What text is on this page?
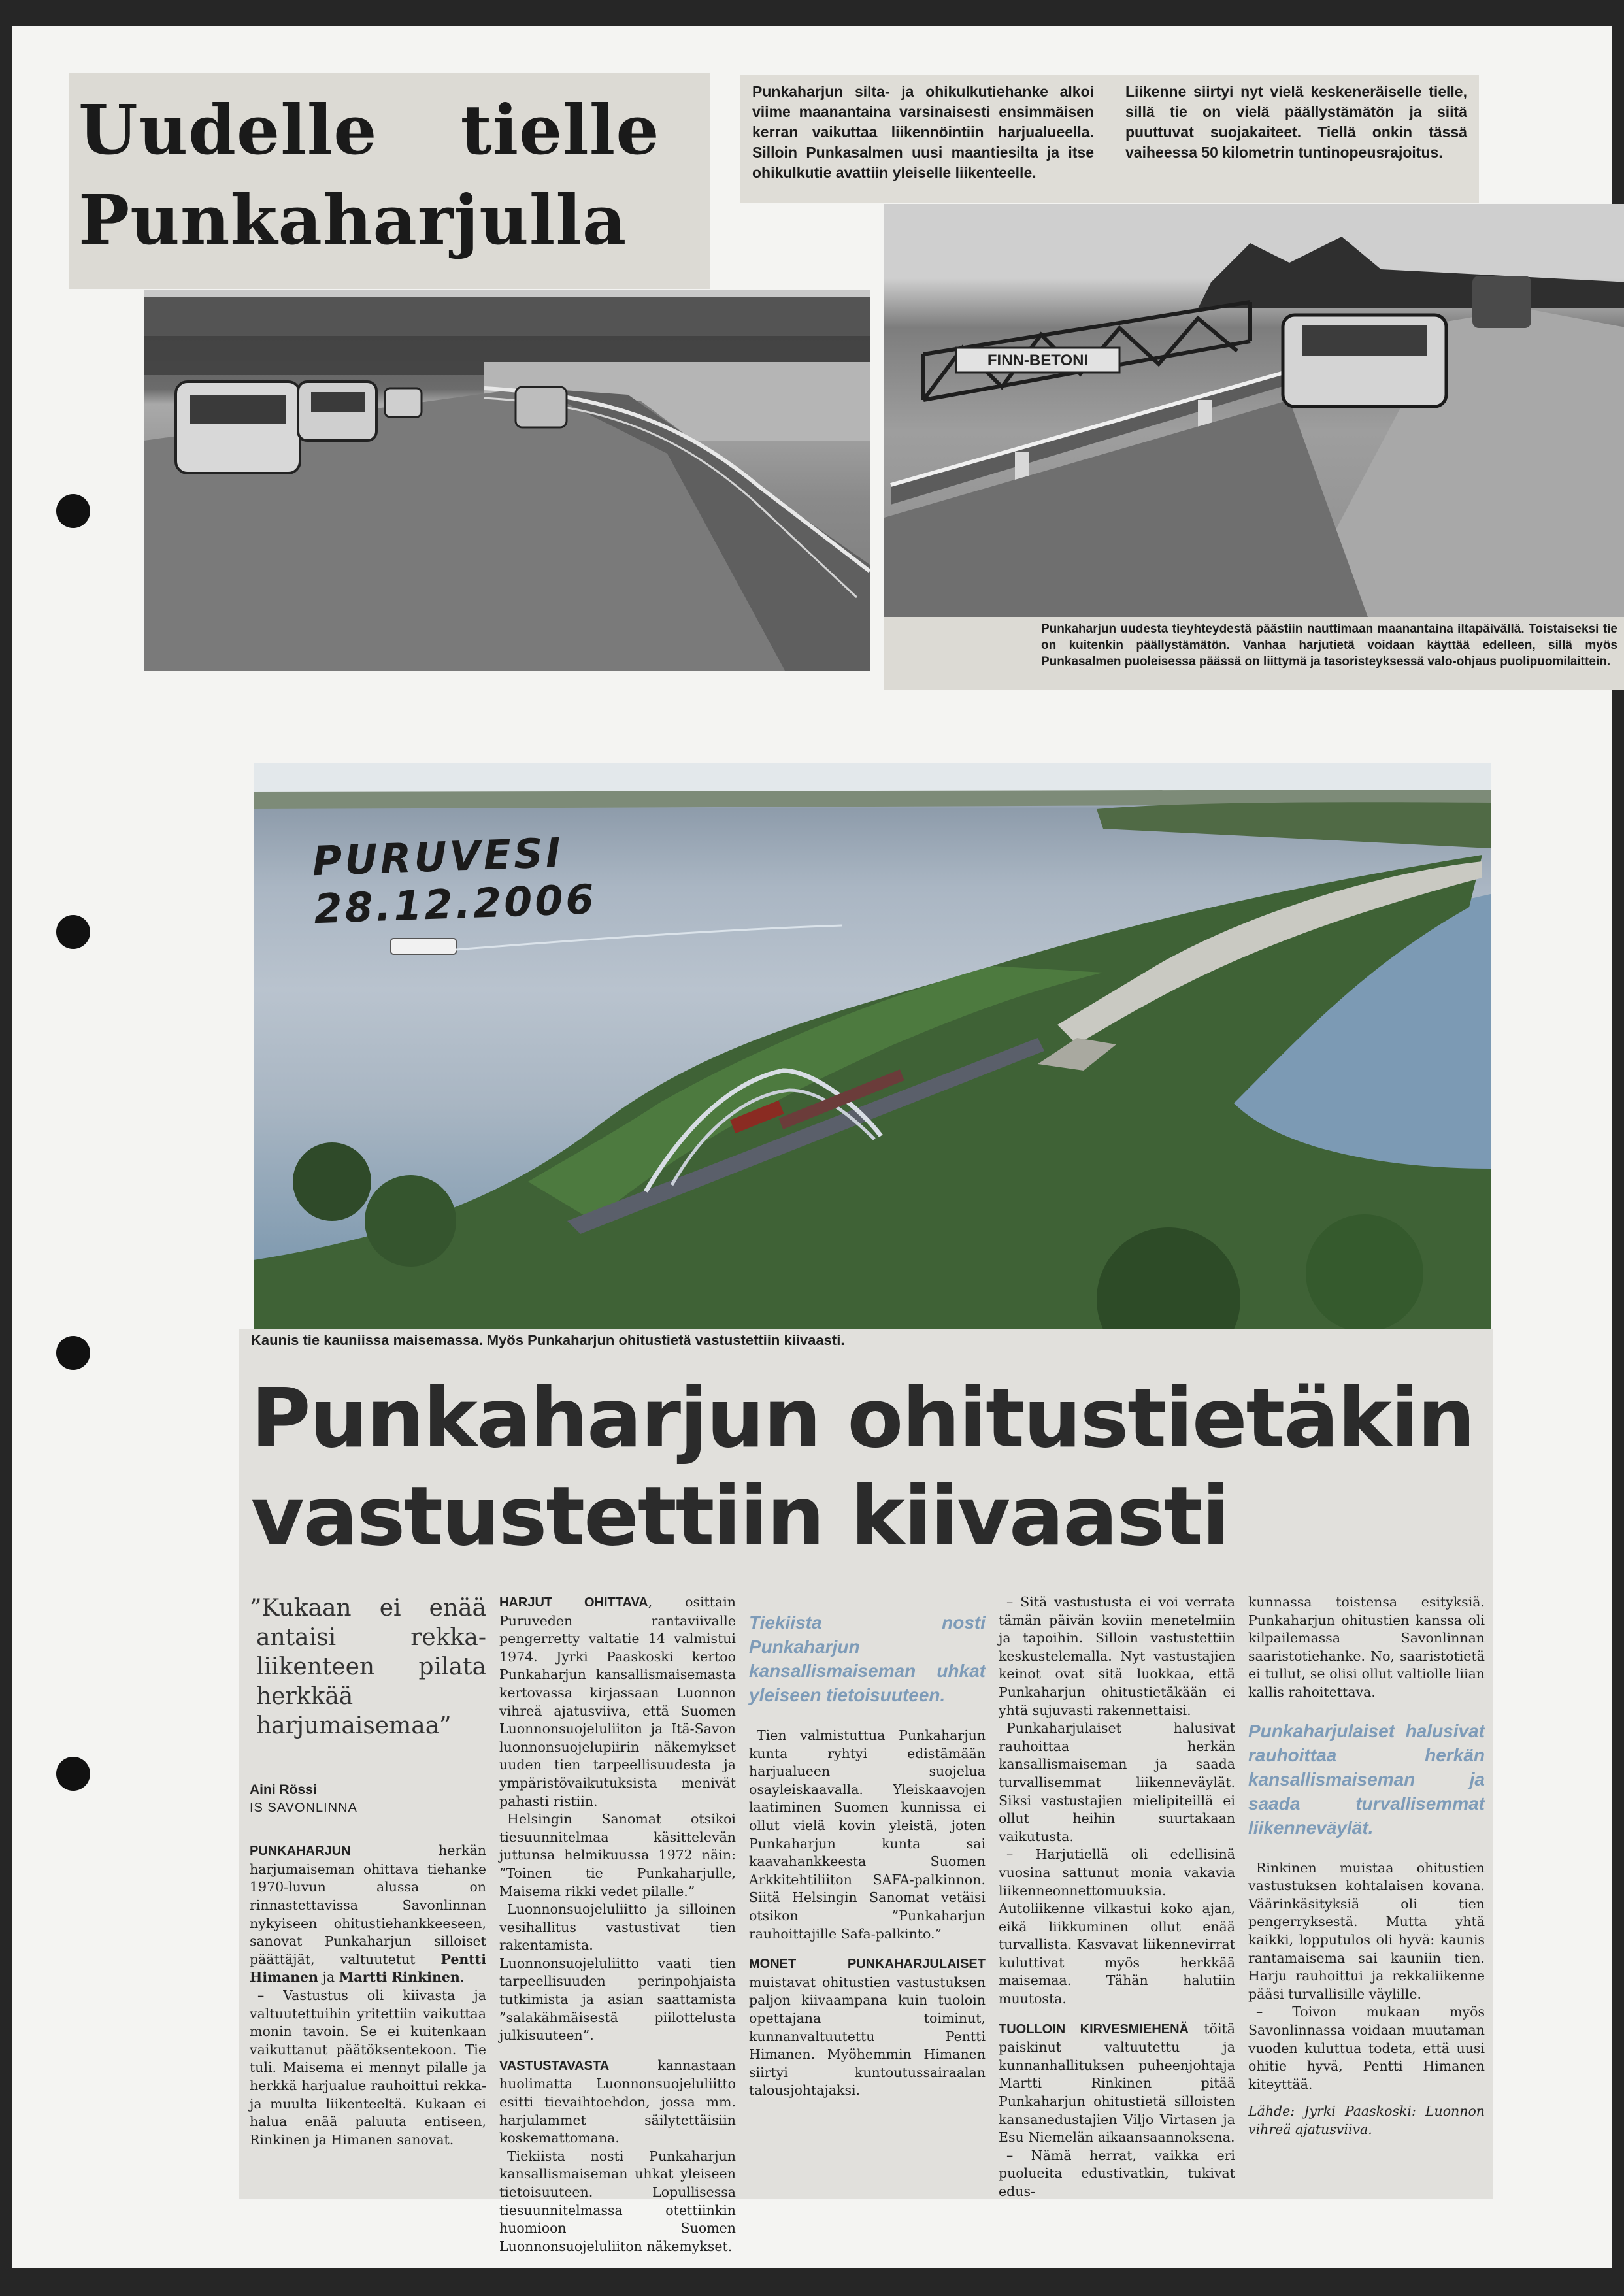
Uudelle tielle
Punkaharjulla

Punkaharjun silta- ja ohikulkutiehanke alkoi viime maanantaina varsinaisesti ensimmäisen kerran vaikuttaa liikennöintiin harjualueella. Silloin Punkasalmen uusi maantiesilta ja itse ohikulkutie avattiin yleiselle liikenteelle.

Liikenne siirtyi nyt vielä keskeneräiselle tielle, sillä tie on vielä päällystämätön ja siitä puuttuvat suojakaiteet. Tiellä onkin tässä vaiheessa 50 kilometrin tuntinopeusrajoitus.

FINN-BETONI
Punkaharjun uudesta tieyhteydestä päästiin nauttimaan maanantaina iltapäivällä. Toistaiseksi tie on kuitenkin päällystämätön. Vanhaa harjutietä voidaan käyttää edelleen, sillä myös Punkasalmen puoleisessa päässä on liittymä ja tasoristeyksessä valo-ohjaus puolipuomilaittein.
PURUVESI 28.12.2006
Kaunis tie kauniissa maisemassa. Myös Punkaharjun ohitustietä vastustettiin kiivaasti.
Punkaharjun ohitustietäkin
vastustettiin kiivaasti
”Kukaan ei enää antaisi rekka-liikenteen pilata herkkää harjumaisemaa”
Aini Rössi
IS SAVONLINNA

PUNKAHARJUN herkän harjumaiseman ohittava tiehanke 1970-luvun alussa on rinnastettavissa Savonlinnan nykyiseen ohitustiehankkeeseen, sanovat Punkaharjun silloiset päättäjät, valtuutetut Pentti Himanen ja Martti Rinkinen.

– Vastustus oli kiivasta ja valtuutettuihin yritettiin vaikuttaa monin tavoin. Se ei kuitenkaan vaikuttanut päätöksentekoon. Tie tuli. Maisema ei mennyt pilalle ja herkkä harjualue rauhoittui rekka- ja muulta liikenteeltä. Kukaan ei haluа enää paluuta entiseen, Rinkinen ja Himanen sanovat.

HARJUT OHITTAVA, osittain Puruveden rantaviivalle pengerretty valtatie 14 valmistui 1974. Jyrki Paaskoski kertoo Punkaharjun kansallismaisemasta kertovassa kirjassaan Luonnon vihreä ajatusviiva, että Suomen Luonnonsuojeluliiton ja Itä-Savon luonnonsuojelupiirin näkemykset uuden tien tarpeellisuudesta ja ympäristövaikutuksista menivät pahasti ristiin.

Helsingin Sanomat otsikoi tiesuunnitelmaa käsittelevän juttunsa helmikuussa 1972 näin: ”Toinen tie Punkaharjulle, Maisema rikki vedet pilalle.”

Luonnonsuojeluliitto ja silloinen vesihallitus vastustivat tien rakentamista. Luonnonsuojeluliitto vaati tien tarpeellisuuden perinpohjaista tutkimista ja asian saattamista ”salakähmäisestä piilottelusta julkisuuteen”.

VASTUSTAVASTA kannastaan huolimatta Luonnonsuojeluliitto esitti tievaihtoehdon, jossa mm. harjulammet säilytettäisiin koskemattomana.

Tiekiista nosti Punkaharjun kansallismaiseman uhkat yleiseen tietoisuuteen. Lopullisessa tiesuunnitelmassa otettiinkin huomioon Suomen Luonnonsuojeluliiton näkemykset.

Tiekiista nosti Punkaharjun kansallismaiseman uhkat yleiseen tietoisuuteen.

Tien valmistuttua Punkaharjun kunta ryhtyi edistämään harjualueen suojelua osayleiskaavalla. Yleiskaavojen laatiminen Suomen kunnissa ei ollut vielä kovin yleistä, joten Punkaharjun kunta sai kaavahankkeesta Suomen Arkkitehtiliiton SAFA-palkinnon. Siitä Helsingin Sanomat vetäisi otsikon ”Punkaharjun rauhoittajille Safa-palkinto.”

MONET PUNKAHARJULAISET muistavat ohitustien vastustuksen paljon kiivaampana kuin tuoloin opettajana toiminut, kunnanvaltuutettu Pentti Himanen. Myöhemmin Himanen siirtyi kuntoutussairaalan talousjohtajaksi.

– Sitä vastustusta ei voi verrata tämän päivän koviin menetelmiin ja tapoihin. Silloin vastustettiin keskustelemalla. Nyt vastustajien keinot ovat sitä luokkaa, että Punkaharjun ohitustietäkään ei yhtä sujuvasti rakennettaisi.

Punkaharjulaiset halusivat rauhoittaa herkän kansallismaiseman ja saada turvallisemmat liikenneväylät. Siksi vastustajien mielipiteillä ei ollut heihin suurtakaan vaikutusta.

– Harjutiellä oli edellisinä vuosina sattunut monia vakavia liikenneonnettomuuksia. Autoliikenne vilkastui koko ajan, eikä liikkuminen ollut enää turvallista. Kasvavat liikennevirrat kuluttivat myös herkkää maisemaa. Tähän halutiin muutosta.

TUOLLOIN KIRVESMIEHENÄ töitä paiskinut valtuutettu ja kunnanhallituksen puheenjohtaja Martti Rinkinen pitää Punkaharjun ohitustietä silloisten kansanedustajien Viljo Virtasen ja Esu Niemelän aikaansaannoksena.

– Nämä herrat, vaikka eri puolueita edustivatkin, tukivat edus-

kunnassa toistensa esityksiä. Punkaharjun ohitustien kanssa oli kilpailemassa Savonlinnan saaristotiehanke. No, saaristotietä ei tullut, se olisi ollut valtiolle liian kallis rahoitettava.

Punkaharjulaiset halusivat rauhoittaa herkän kansallismaiseman ja saada turvallisemmat liikenneväylät.

Rinkinen muistaa ohitustien vastustuksen kohtalaisen kovana. Väärinkäsityksiä oli tien pengerryksestä. Mutta yhtä kaikki, lopputulos oli hyvä: kaunis rantamaisema sai kauniin tien. Harju rauhoittui ja rekkaliikenne pääsi turvallisille väylille.

– Toivon mukaan myös Savonlinnassa voidaan muutaman vuoden kuluttua todeta, että uusi ohitie hyvä, Pentti Himanen kiteyttää.

Lähde: Jyrki Paaskoski: Luonnon vihreä ajatusviiva.
